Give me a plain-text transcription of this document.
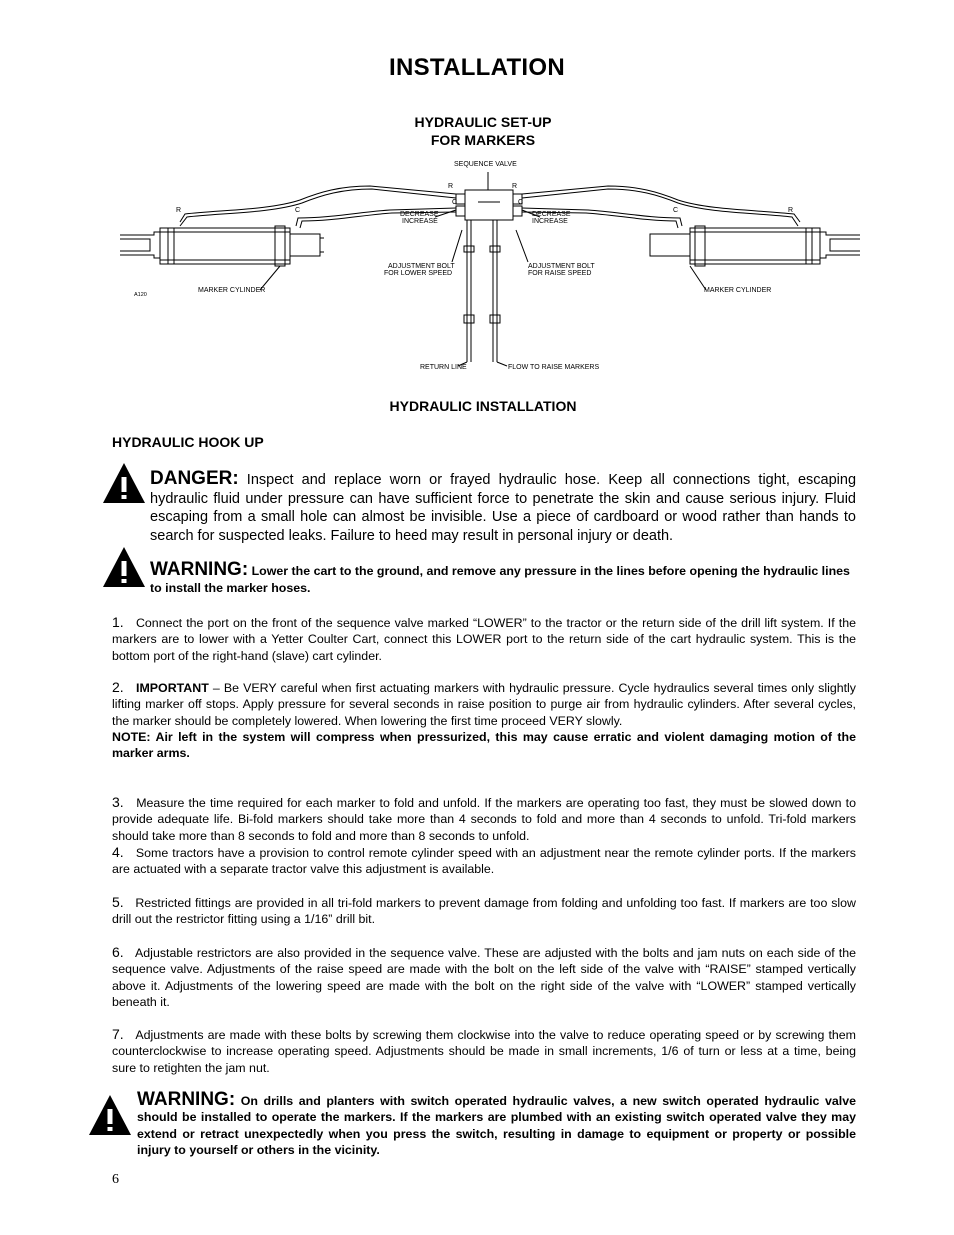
INSTALLATION
HYDRAULIC SET-UP
FOR MARKERS
SEQUENCE VALVE
R	R
R	R
C	C
C	C
DECREASE
INCREASE
DECREASE
INCREASE
ADJUSTMENT BOLT
FOR LOWER SPEED
ADJUSTMENT BOLT
FOR RAISE SPEED
MARKER CYLINDER	MARKER CYLINDER
A120
RETURN LINE	FLOW TO RAISE MARKERS
HYDRAULIC INSTALLATION
HYDRAULIC HOOK UP
DANGER: Inspect and replace worn or frayed hydraulic hose. Keep all connections tight, escaping hydraulic fluid under pressure can have sufficient force to penetrate the skin and cause serious injury. Fluid escaping from a small hole can almost be invisible. Use a piece of cardboard or wood rather than hands to search for suspected leaks. Failure to heed may result in personal injury or death.
WARNING: Lower the cart to the ground, and remove any pressure in the lines before opening the hydraulic lines to install the marker hoses.
1. Connect the port on the front of the sequence valve marked “LOWER” to the tractor or the return side of the drill lift system. If the markers are to lower with a Yetter Coulter Cart, connect this LOWER port to the return side of the cart hydraulic system. This is the bottom port of the right-hand (slave) cart cylinder.
2. IMPORTANT – Be VERY careful when first actuating markers with hydraulic pressure. Cycle hydraulics several times only slightly lifting marker off stops. Apply pressure for several seconds in raise position to purge air from hydraulic cylinders. After several cycles, the marker should be completely lowered. When lowering the first time proceed VERY slowly.
NOTE: Air left in the system will compress when pressurized, this may cause erratic and violent damaging motion of the marker arms.
3. Measure the time required for each marker to fold and unfold. If the markers are operating too fast, they must be slowed down to provide adequate life. Bi-fold markers should take more than 4 seconds to fold and more than 4 seconds to unfold. Tri-fold markers should take more than 8 seconds to fold and more than 8 seconds to unfold.
4. Some tractors have a provision to control remote cylinder speed with an adjustment near the remote cylinder ports. If the markers are actuated with a separate tractor valve this adjustment is available.
5. Restricted fittings are provided in all tri-fold markers to prevent damage from folding and unfolding too fast. If markers are too slow drill out the restrictor fitting using a 1/16” drill bit.
6. Adjustable restrictors are also provided in the sequence valve. These are adjusted with the bolts and jam nuts on each side of the sequence valve. Adjustments of the raise speed are made with the bolt on the left side of the valve with “RAISE” stamped vertically above it. Adjustments of the lowering speed are made with the bolt on the right side of the valve with “LOWER” stamped vertically beneath it.
7. Adjustments are made with these bolts by screwing them clockwise into the valve to reduce operating speed or by screwing them counterclockwise to increase operating speed. Adjustments should be made in small increments, 1/6 of turn or less at a time, being sure to retighten the jam nut.
WARNING: On drills and planters with switch operated hydraulic valves, a new switch operated hydraulic valve should be installed to operate the markers. If the markers are plumbed with an existing switch operated valve they may extend or retract unexpectedly when you press the switch, resulting in damage to equipment or property or possible injury to yourself or others in the vicinity.
6
